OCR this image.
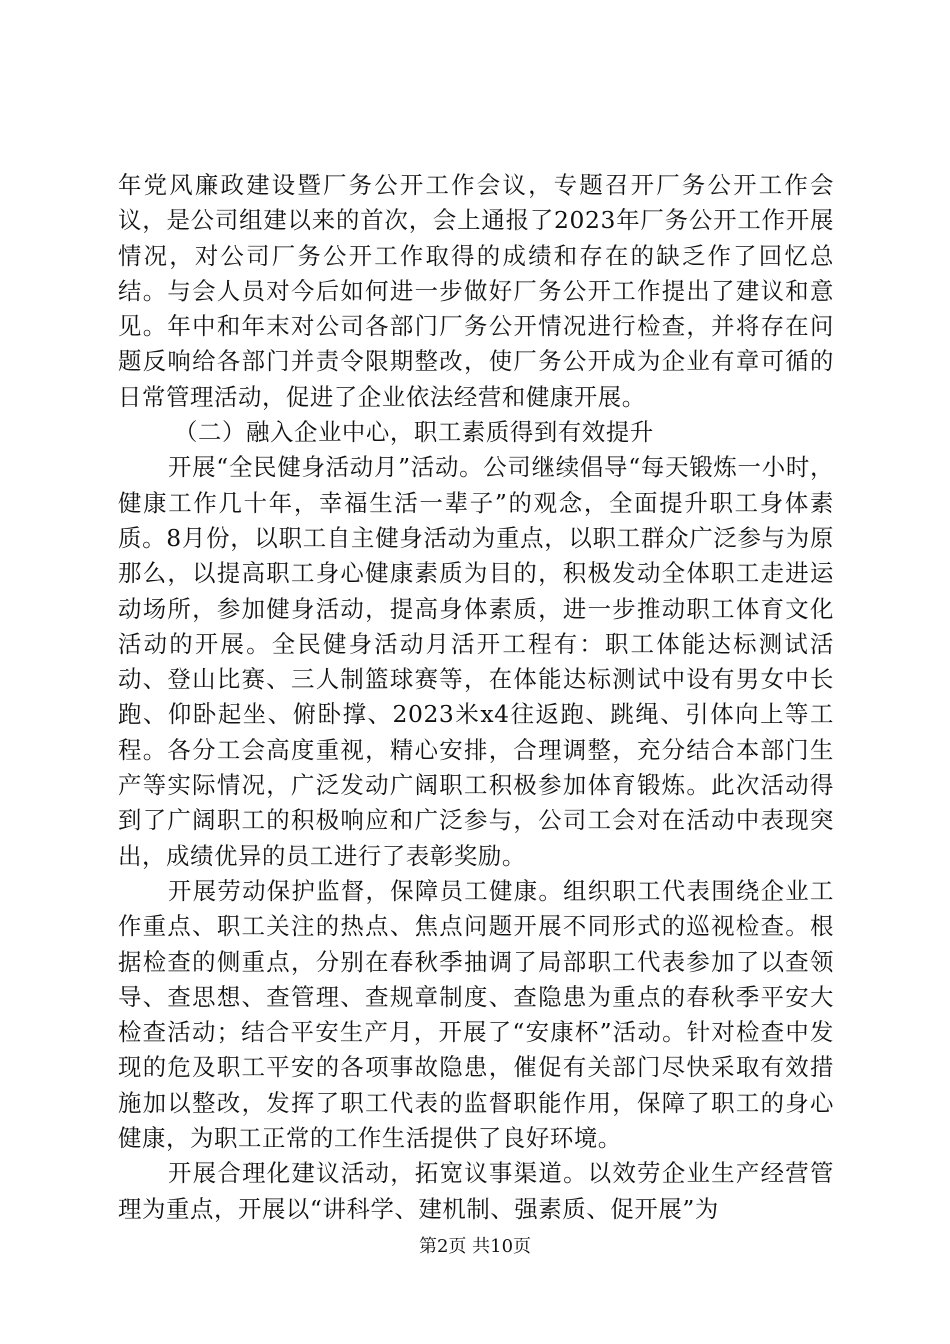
年党风廉政建设暨厂务公开工作会议，专题召开厂务公开工作会议，是公司组建以来的首次，会上通报了2023年厂务公开工作开展情况，对公司厂务公开工作取得的成绩和存在的缺乏作了回忆总结。与会人员对今后如何进一步做好厂务公开工作提出了建议和意见。年中和年末对公司各部门厂务公开情况进行检查，并将存在问题反响给各部门并责令限期整改，使厂务公开成为企业有章可循的日常管理活动，促进了企业依法经营和健康开展。

（二）融入企业中心，职工素质得到有效提升

开展“全民健身活动月”活动。公司继续倡导“每天锻炼一小时，健康工作几十年，幸福生活一辈子”的观念，全面提升职工身体素质。8月份，以职工自主健身活动为重点，以职工群众广泛参与为原那么，以提高职工身心健康素质为目的，积极发动全体职工走进运动场所，参加健身活动，提高身体素质，进一步推动职工体育文化活动的开展。全民健身活动月活开工程有：职工体能达标测试活动、登山比赛、三人制篮球赛等，在体能达标测试中设有男女中长跑、仰卧起坐、俯卧撑、2023米x4往返跑、跳绳、引体向上等工程。各分工会高度重视，精心安排，合理调整，充分结合本部门生产等实际情况，广泛发动广阔职工积极参加体育锻炼。此次活动得到了广阔职工的积极响应和广泛参与，公司工会对在活动中表现突出，成绩优异的员工进行了表彰奖励。

开展劳动保护监督，保障员工健康。组织职工代表围绕企业工作重点、职工关注的热点、焦点问题开展不同形式的巡视检查。根据检查的侧重点，分别在春秋季抽调了局部职工代表参加了以查领导、查思想、查管理、查规章制度、查隐患为重点的春秋季平安大检查活动；结合平安生产月，开展了“安康杯”活动。针对检查中发现的危及职工平安的各项事故隐患，催促有关部门尽快采取有效措施加以整改，发挥了职工代表的监督职能作用，保障了职工的身心健康，为职工正常的工作生活提供了良好环境。

开展合理化建议活动，拓宽议事渠道。以效劳企业生产经营管理为重点，开展以“讲科学、建机制、强素质、促开展”为

第2页 共10页
